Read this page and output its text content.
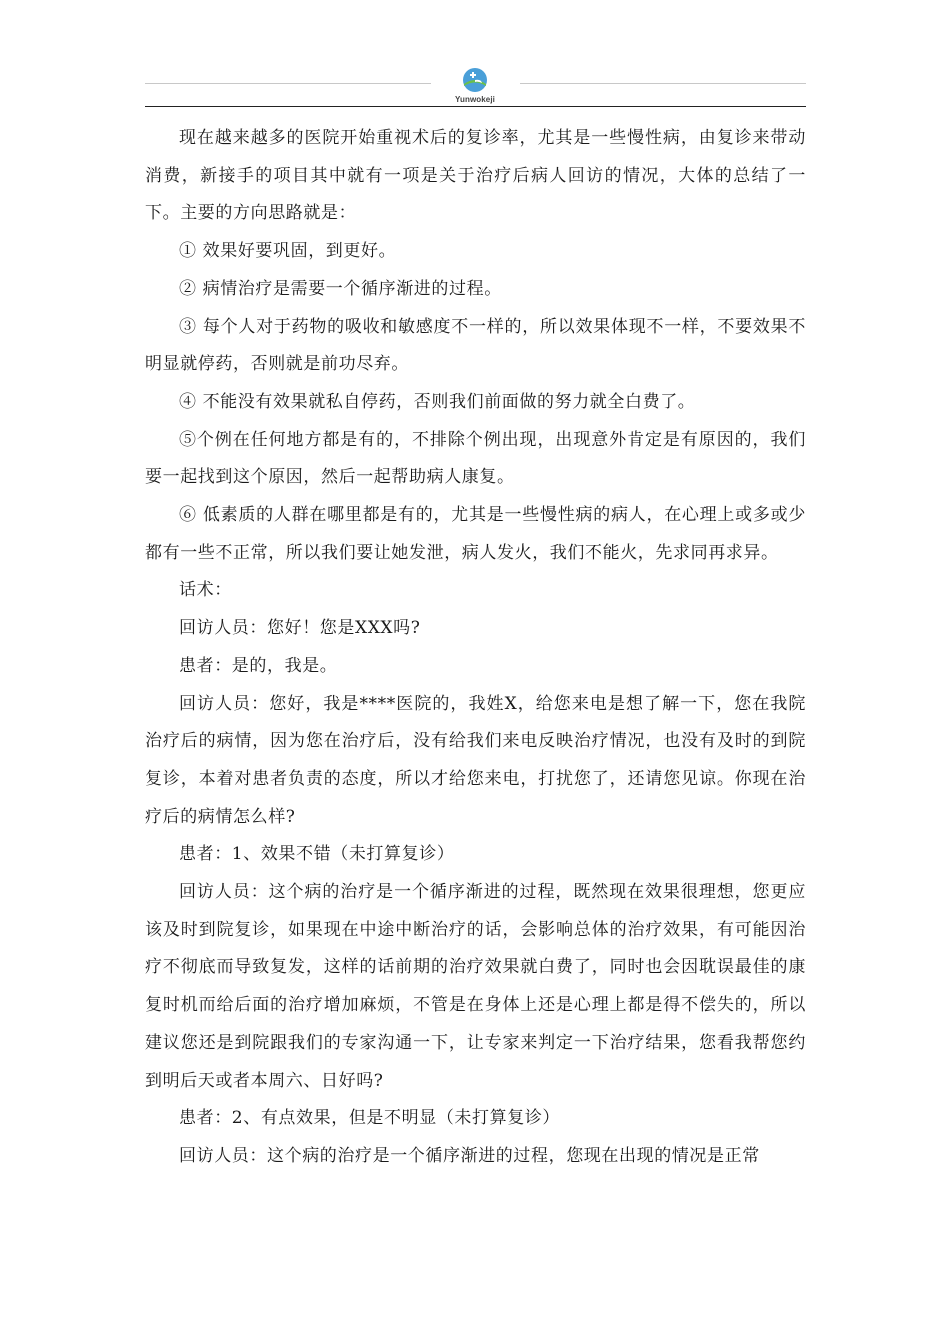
Yunwokeji

现在越来越多的医院开始重视术后的复诊率，尤其是一些慢性病，由复诊来带动消费，新接手的项目其中就有一项是关于治疗后病人回访的情况，大体的总结了一下。主要的方向思路就是：

① 效果好要巩固，到更好。

② 病情治疗是需要一个循序渐进的过程。

③ 每个人对于药物的吸收和敏感度不一样的，所以效果体现不一样，不要效果不明显就停药，否则就是前功尽弃。

④ 不能没有效果就私自停药，否则我们前面做的努力就全白费了。

⑤个例在任何地方都是有的，不排除个例出现，出现意外肯定是有原因的，我们要一起找到这个原因，然后一起帮助病人康复。

⑥ 低素质的人群在哪里都是有的，尤其是一些慢性病的病人，在心理上或多或少都有一些不正常，所以我们要让她发泄，病人发火，我们不能火，先求同再求异。

话术：

回访人员：您好！您是XXX吗?

患者：是的，我是。

回访人员：您好，我是****医院的，我姓X，给您来电是想了解一下，您在我院治疗后的病情，因为您在治疗后，没有给我们来电反映治疗情况，也没有及时的到院复诊，本着对患者负责的态度，所以才给您来电，打扰您了，还请您见谅。你现在治疗后的病情怎么样?

患者：1、效果不错（未打算复诊）

回访人员：这个病的治疗是一个循序渐进的过程，既然现在效果很理想，您更应该及时到院复诊，如果现在中途中断治疗的话，会影响总体的治疗效果，有可能因治疗不彻底而导致复发，这样的话前期的治疗效果就白费了，同时也会因耽误最佳的康复时机而给后面的治疗增加麻烦，不管是在身体上还是心理上都是得不偿失的，所以建议您还是到院跟我们的专家沟通一下，让专家来判定一下治疗结果，您看我帮您约到明后天或者本周六、日好吗?

患者：2、有点效果，但是不明显（未打算复诊）

回访人员：这个病的治疗是一个循序渐进的过程，您现在出现的情况是正常
